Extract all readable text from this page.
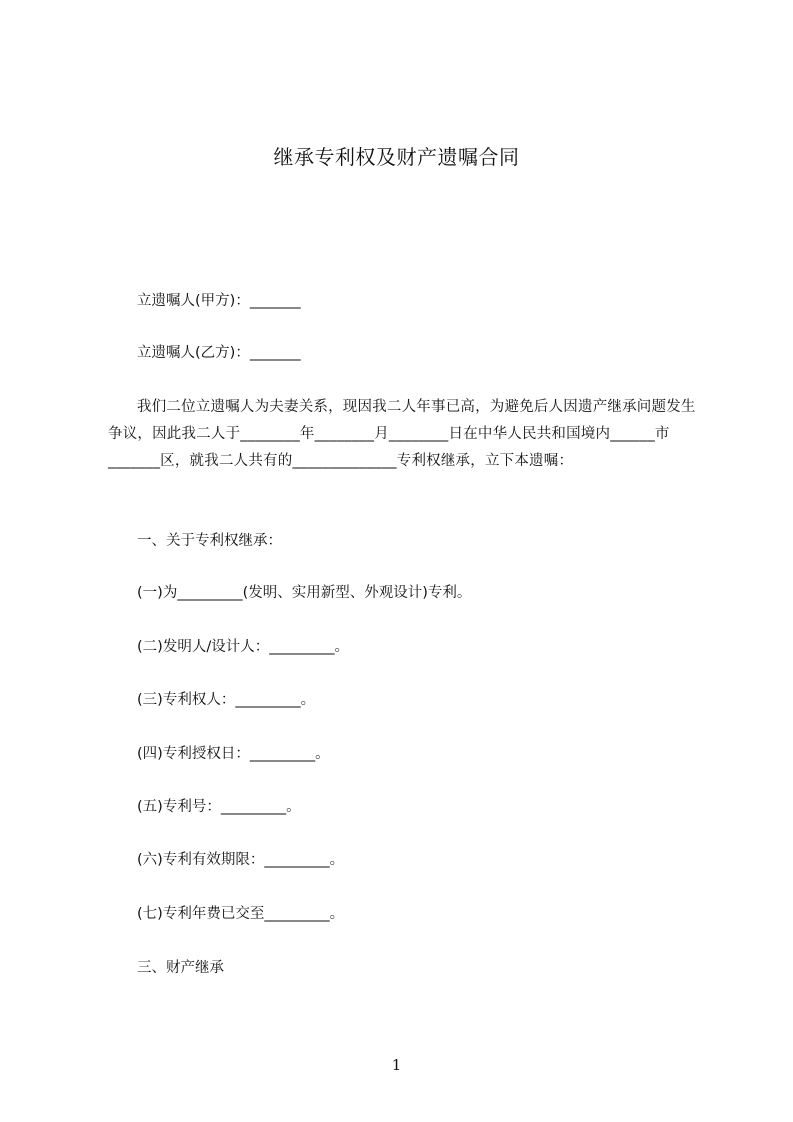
继承专利权及财产遗嘱合同
立遗嘱人(甲方)：_______
立遗嘱人(乙方)：_______
我们二位立遗嘱人为夫妻关系，现因我二人年事已高，为避免后人因遗产继承问题发生争议，因此我二人于________年________月________日在中华人民共和国境内______市_______区，就我二人共有的______________专利权继承，立下本遗嘱：
一、关于专利权继承：
(一)为_________(发明、实用新型、外观设计)专利。
(二)发明人/设计人：_________。
(三)专利权人：_________。
(四)专利授权日：_________。
(五)专利号：_________。
(六)专利有效期限：_________。
(七)专利年费已交至_________。
三、财产继承
1
